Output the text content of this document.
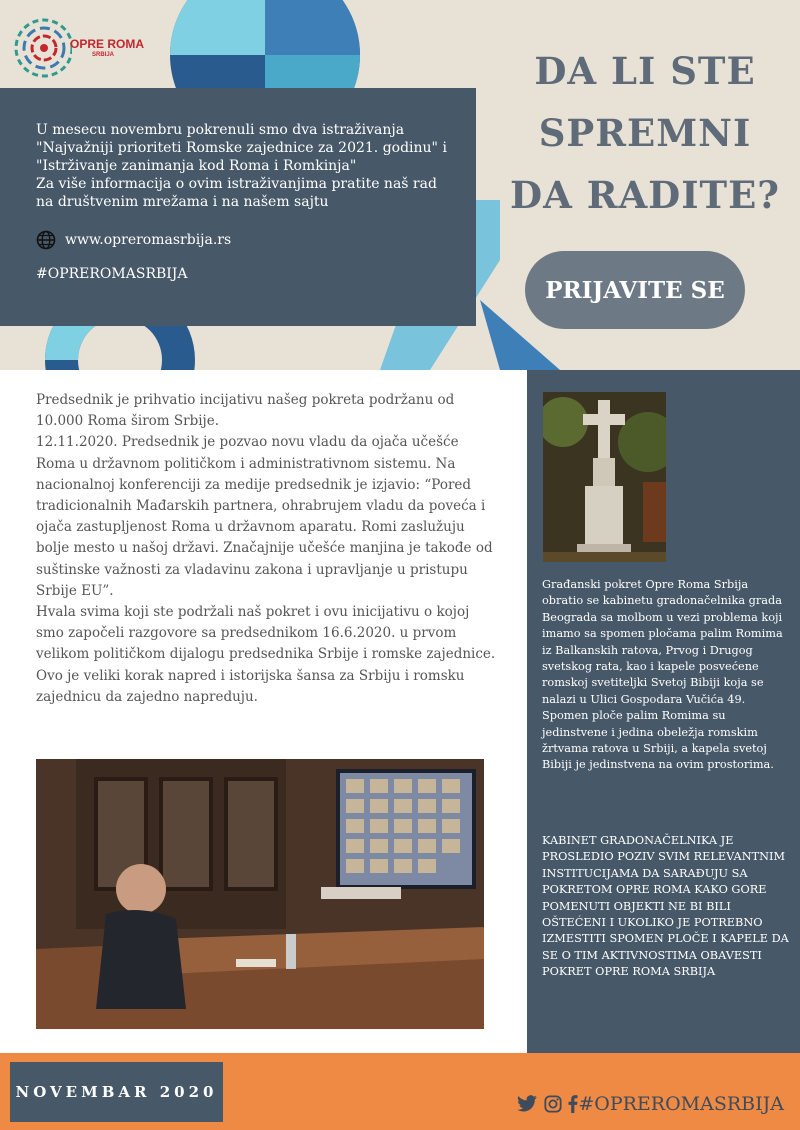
OPRE ROMA
SRBIJA
U mesecu novembru pokrenuli smo dva istraživanja
"Najvažniji prioriteti Romske zajednice za 2021. godinu" i
"Istrživanje zanimanja kod Roma i Romkinja"
Za više informacija o ovim istraživanjima pratite naš rad na društvenim mrežama i na našem sajtu
www.opreromasrbija.rs
#OPREROMASRBIJA
DA LI STE
SPREMNI
DA RADITE?
PRIJAVITE SE
Predsednik je prihvatio incijativu našeg pokreta podržanu od 10.000 Roma širom Srbije.
12.11.2020. Predsednik je pozvao novu vladu da ojača učešće Roma u državnom političkom i administrativnom sistemu. Na nacionalnoj konferenciji za medije predsednik je izjavio: “Pored tradicionalnih Mađarskih partnera, ohrabrujem vladu da poveća i ojača zastupljenost Roma u državnom aparatu. Romi zaslužuju bolje mesto u našoj državi. Značajnije učešće manjina je takođe od suštinske važnosti za vladavinu zakona i upravljanje u pristupu Srbije EU”.
Hvala svima koji ste podržali naš pokret i ovu inicijativu o kojoj smo započeli razgovore sa predsednikom 16.6.2020. u prvom velikom političkom dijalogu predsednika Srbije i romske zajednice. Ovo je veliki korak napred i istorijska šansa za Srbiju i romsku zajednicu da zajedno napreduju.
Građanski pokret Opre Roma Srbija obratio se kabinetu gradonačelnika grada Beograda sa molbom u vezi problema koji imamo sa spomen pločama palim Romima iz Balkanskih ratova, Prvog i Drugog svetskog rata, kao i kapele posvećene romskoj svetiteljki Svetoj Bibiji koja se nalazi u Ulici Gospodara Vučića 49. Spomen ploče palim Romima su jedinstvene i jedina obeležja romskim žrtvama ratova u Srbiji, a kapela svetoj Bibiji je jedinstvena na ovim prostorima.
KABINET GRADONAČELNIKA JE PROSLEDIO POZIV SVIM RELEVANTNIM INSTITUCIJAMA DA SARAĐUJU SA POKRETOM OPRE ROMA KAKO GORE POMENUTI OBJEKTI NE BI BILI OŠTEĆENI I UKOLIKO JE POTREBNO IZMESTITI SPOMEN PLOČE I KAPELE DA SE O TIM AKTIVNOSTIMA OBAVESTI POKRET OPRE ROMA SRBIJA
NOVEMBAR 2020
#OPREROMASRBIJA
